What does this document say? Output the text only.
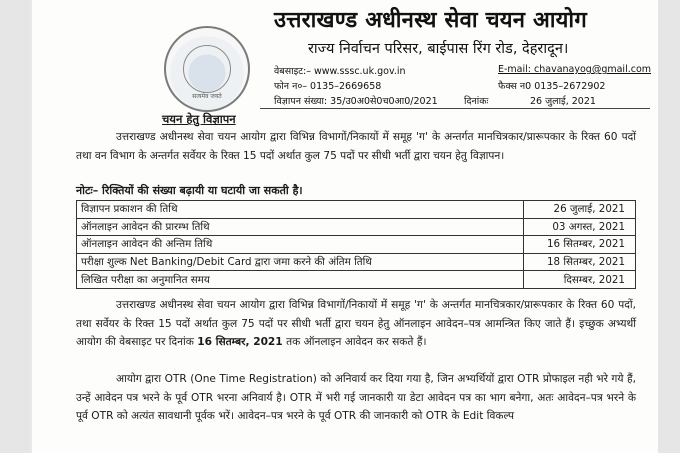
सत्यमेव जयते
उत्तराखण्ड अधीनस्थ सेवा चयन आयोग
राज्य निर्वाचन परिसर, बाईपास रिंग रोड, देहरादून।
वेबसाइट:– www.sssc.uk.gov.in	E-mail: chavanayog@gmail.com
फोन न०– 0135–2669658	फैक्स न0 0135–2672902
विज्ञापन संख्या: 35/उ0अ0से0च0आ0/2021	दिनांकः	26 जुलाई, 2021
चयन हेतु विज्ञापन
उत्तराखण्ड अधीनस्थ सेवा चयन आयोग द्वारा विभिन्न विभागों/निकायों में समूह 'ग' के अन्तर्गत मानचित्रकार/प्रारूपकार के रिक्त 60 पदों तथा वन विभाग के अन्तर्गत सर्वेयर के रिक्त 15 पदों अर्थात कुल 75 पदों पर सीधी भर्ती द्वारा चयन हेतु विज्ञापन।
नोटः– रिक्तियों की संख्या बढ़ायी या घटायी जा सकती है।
विज्ञापन प्रकाशन की तिथि	26 जुलाई, 2021
ऑनलाइन आवेदन की प्रारम्भ तिथि	03 अगस्त, 2021
ऑनलाइन आवेदन की अन्तिम तिथि	16 सितम्बर, 2021
परीक्षा शुल्क Net Banking/Debit Card द्वारा जमा करने की अंतिम तिथि	18 सितम्बर, 2021
लिखित परीक्षा का अनुमानित समय	दिसम्बर, 2021
उत्तराखण्ड अधीनस्थ सेवा चयन आयोग द्वारा विभिन्न विभागों/निकायों में समूह 'ग' के अन्तर्गत मानचित्रकार/प्रारूपकार के रिक्त 60 पदों, तथा सर्वेयर के रिक्त 15 पदों अर्थात कुल 75 पदों पर सीधी भर्ती द्वारा चयन हेतु ऑनलाइन आवेदन–पत्र आमन्त्रित किए जाते हैं। इच्छुक अभ्यर्थी आयोग की वेबसाइट पर दिनांक 16 सितम्बर, 2021 तक ऑनलाइन आवेदन कर सकते हैं।
आयोग द्वारा OTR (One Time Registration) को अनिवार्य कर दिया गया है, जिन अभ्यर्थियों द्वारा OTR प्रोफाइल नही भरे गये हैं, उन्हें आवेदन पत्र भरने के पूर्व OTR भरना अनिवार्य है। OTR में भरी गई जानकारी या डेटा आवेदन पत्र का भाग बनेगा, अतः आवेदन–पत्र भरने के पूर्व OTR को अत्यंत सावधानी पूर्वक भरें। आवेदन–पत्र भरने के पूर्व OTR की जानकारी को OTR के Edit विकल्प
